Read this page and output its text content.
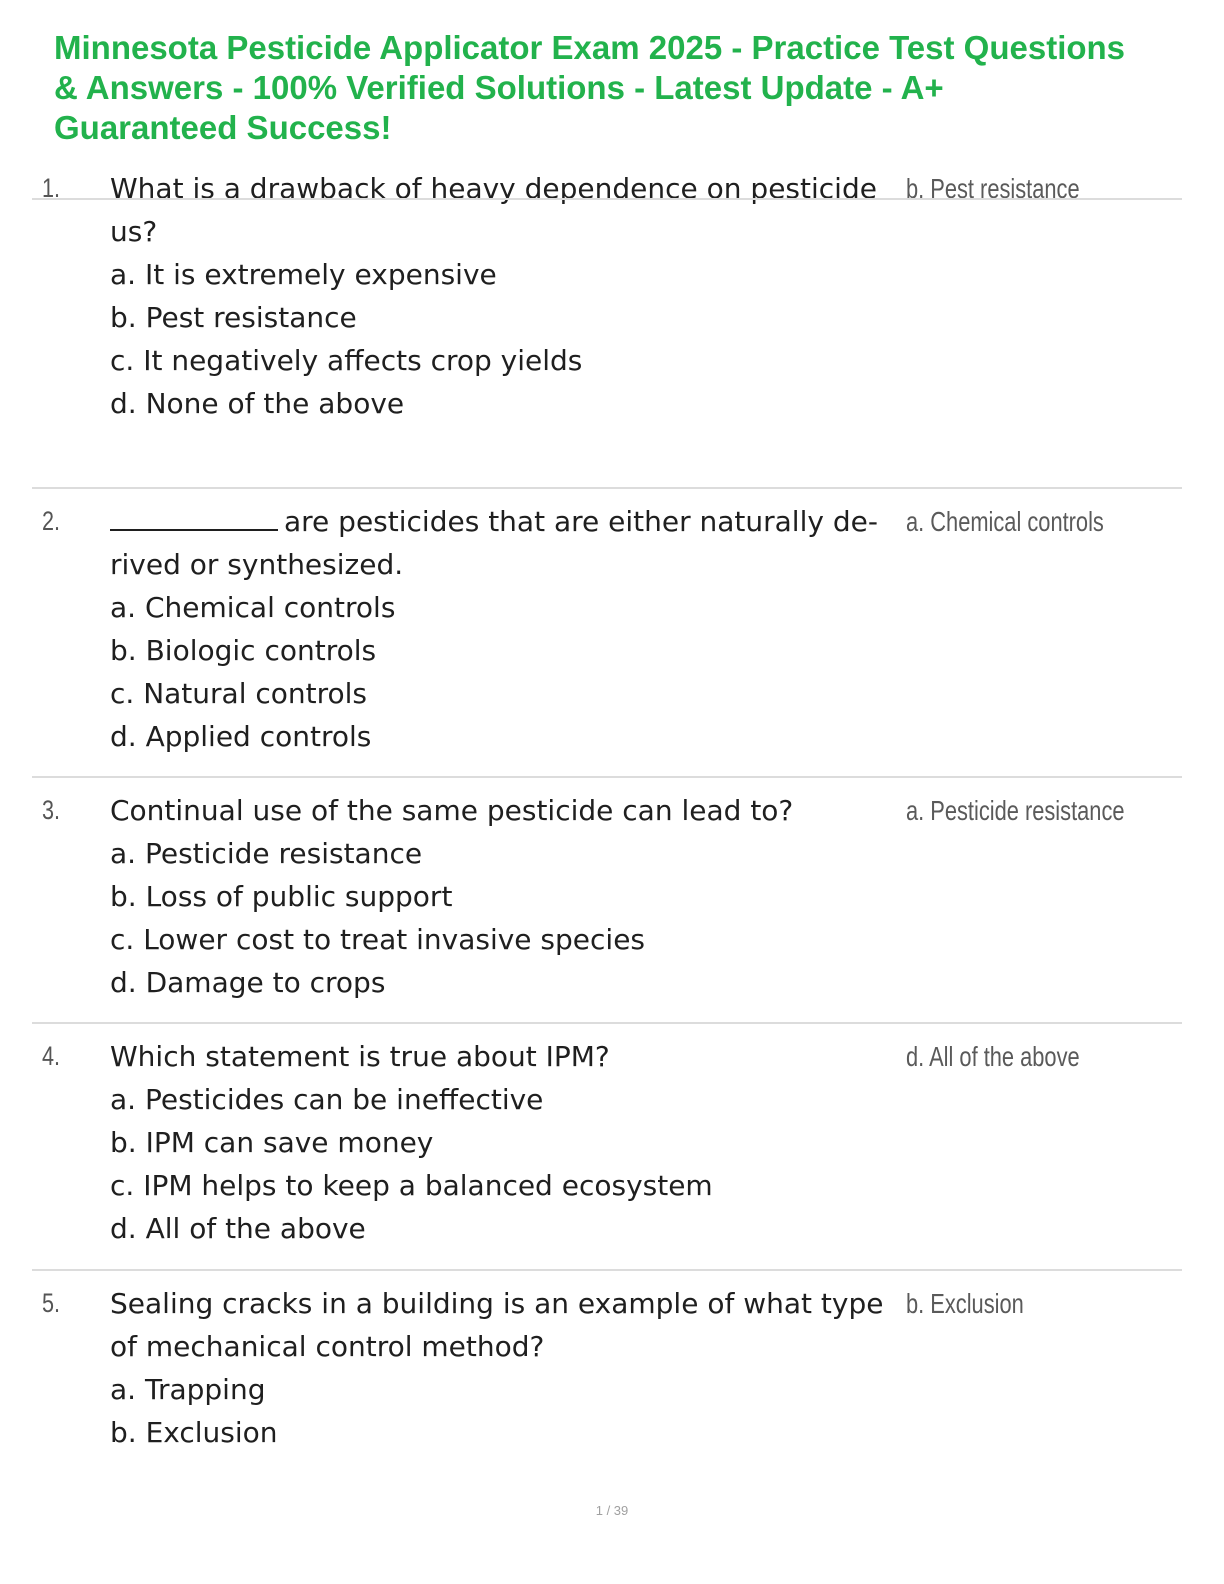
Minnesota Pesticide Applicator Exam 2025 - Practice Test Questions
& Answers - 100% Verified Solutions - Latest Update - A+
Guaranteed Success!
1. What is a drawback of heavy dependence on pesticide
us?
a. It is extremely expensive
b. Pest resistance
c. It negatively affects crop yields
d. None of the above
b. Pest resistance
2.	are pesticides that are either naturally de-
rived or synthesized.
a. Chemical controls
b. Biologic controls
c. Natural controls
d. Applied controls
a. Chemical controls
3. Continual use of the same pesticide can lead to?
a. Pesticide resistance
b. Loss of public support
c. Lower cost to treat invasive species
d. Damage to crops
a. Pesticide resistance
4. Which statement is true about IPM?
a. Pesticides can be ineffective
b. IPM can save money
c. IPM helps to keep a balanced ecosystem
d. All of the above
d. All of the above
5. Sealing cracks in a building is an example of what type
of mechanical control method?
a. Trapping
b. Exclusion
b. Exclusion
1 / 39
